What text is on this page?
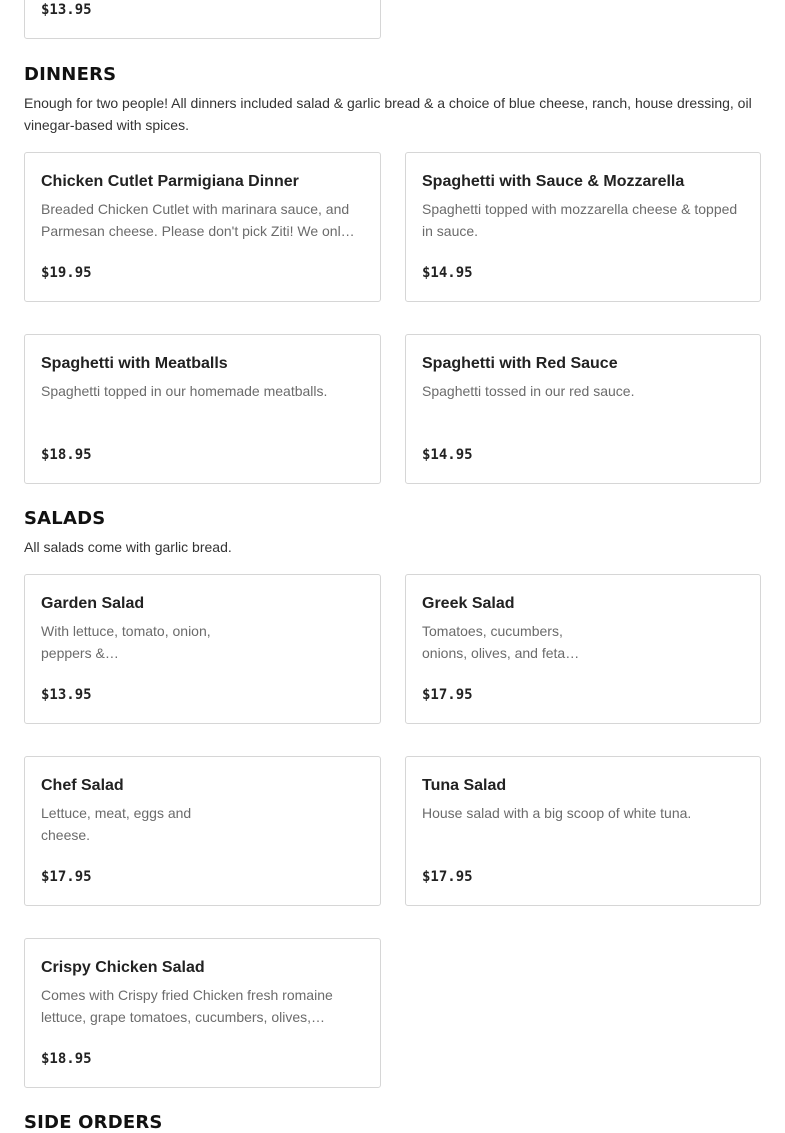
$13.95
DINNERS

Enough for two people! All dinners included salad & garlic bread & a choice of blue cheese, ranch, house dressing, oil vinegar-based with spices.

Chicken Cutlet Parmigiana Dinner
Breaded Chicken Cutlet with marinara sauce, and Parmesan cheese. Please don't pick Ziti! We onl…
$19.95
Spaghetti with Sauce & Mozzarella
Spaghetti topped with mozzarella cheese & topped in sauce.
$14.95
Spaghetti with Meatballs
Spaghetti topped in our homemade meatballs.
$18.95
Spaghetti with Red Sauce
Spaghetti tossed in our red sauce.
$14.95
SALADS

All salads come with garlic bread.

Garden Salad
With lettuce, tomato, onion, peppers &…
$13.95
Greek Salad
Tomatoes, cucumbers, onions, olives, and feta…
$17.95
Chef Salad
Lettuce, meat, eggs and cheese.
$17.95
Tuna Salad
House salad with a big scoop of white tuna.
$17.95
Crispy Chicken Salad
Comes with Crispy fried Chicken fresh romaine lettuce, grape tomatoes, cucumbers, olives,…
$18.95
SIDE ORDERS
